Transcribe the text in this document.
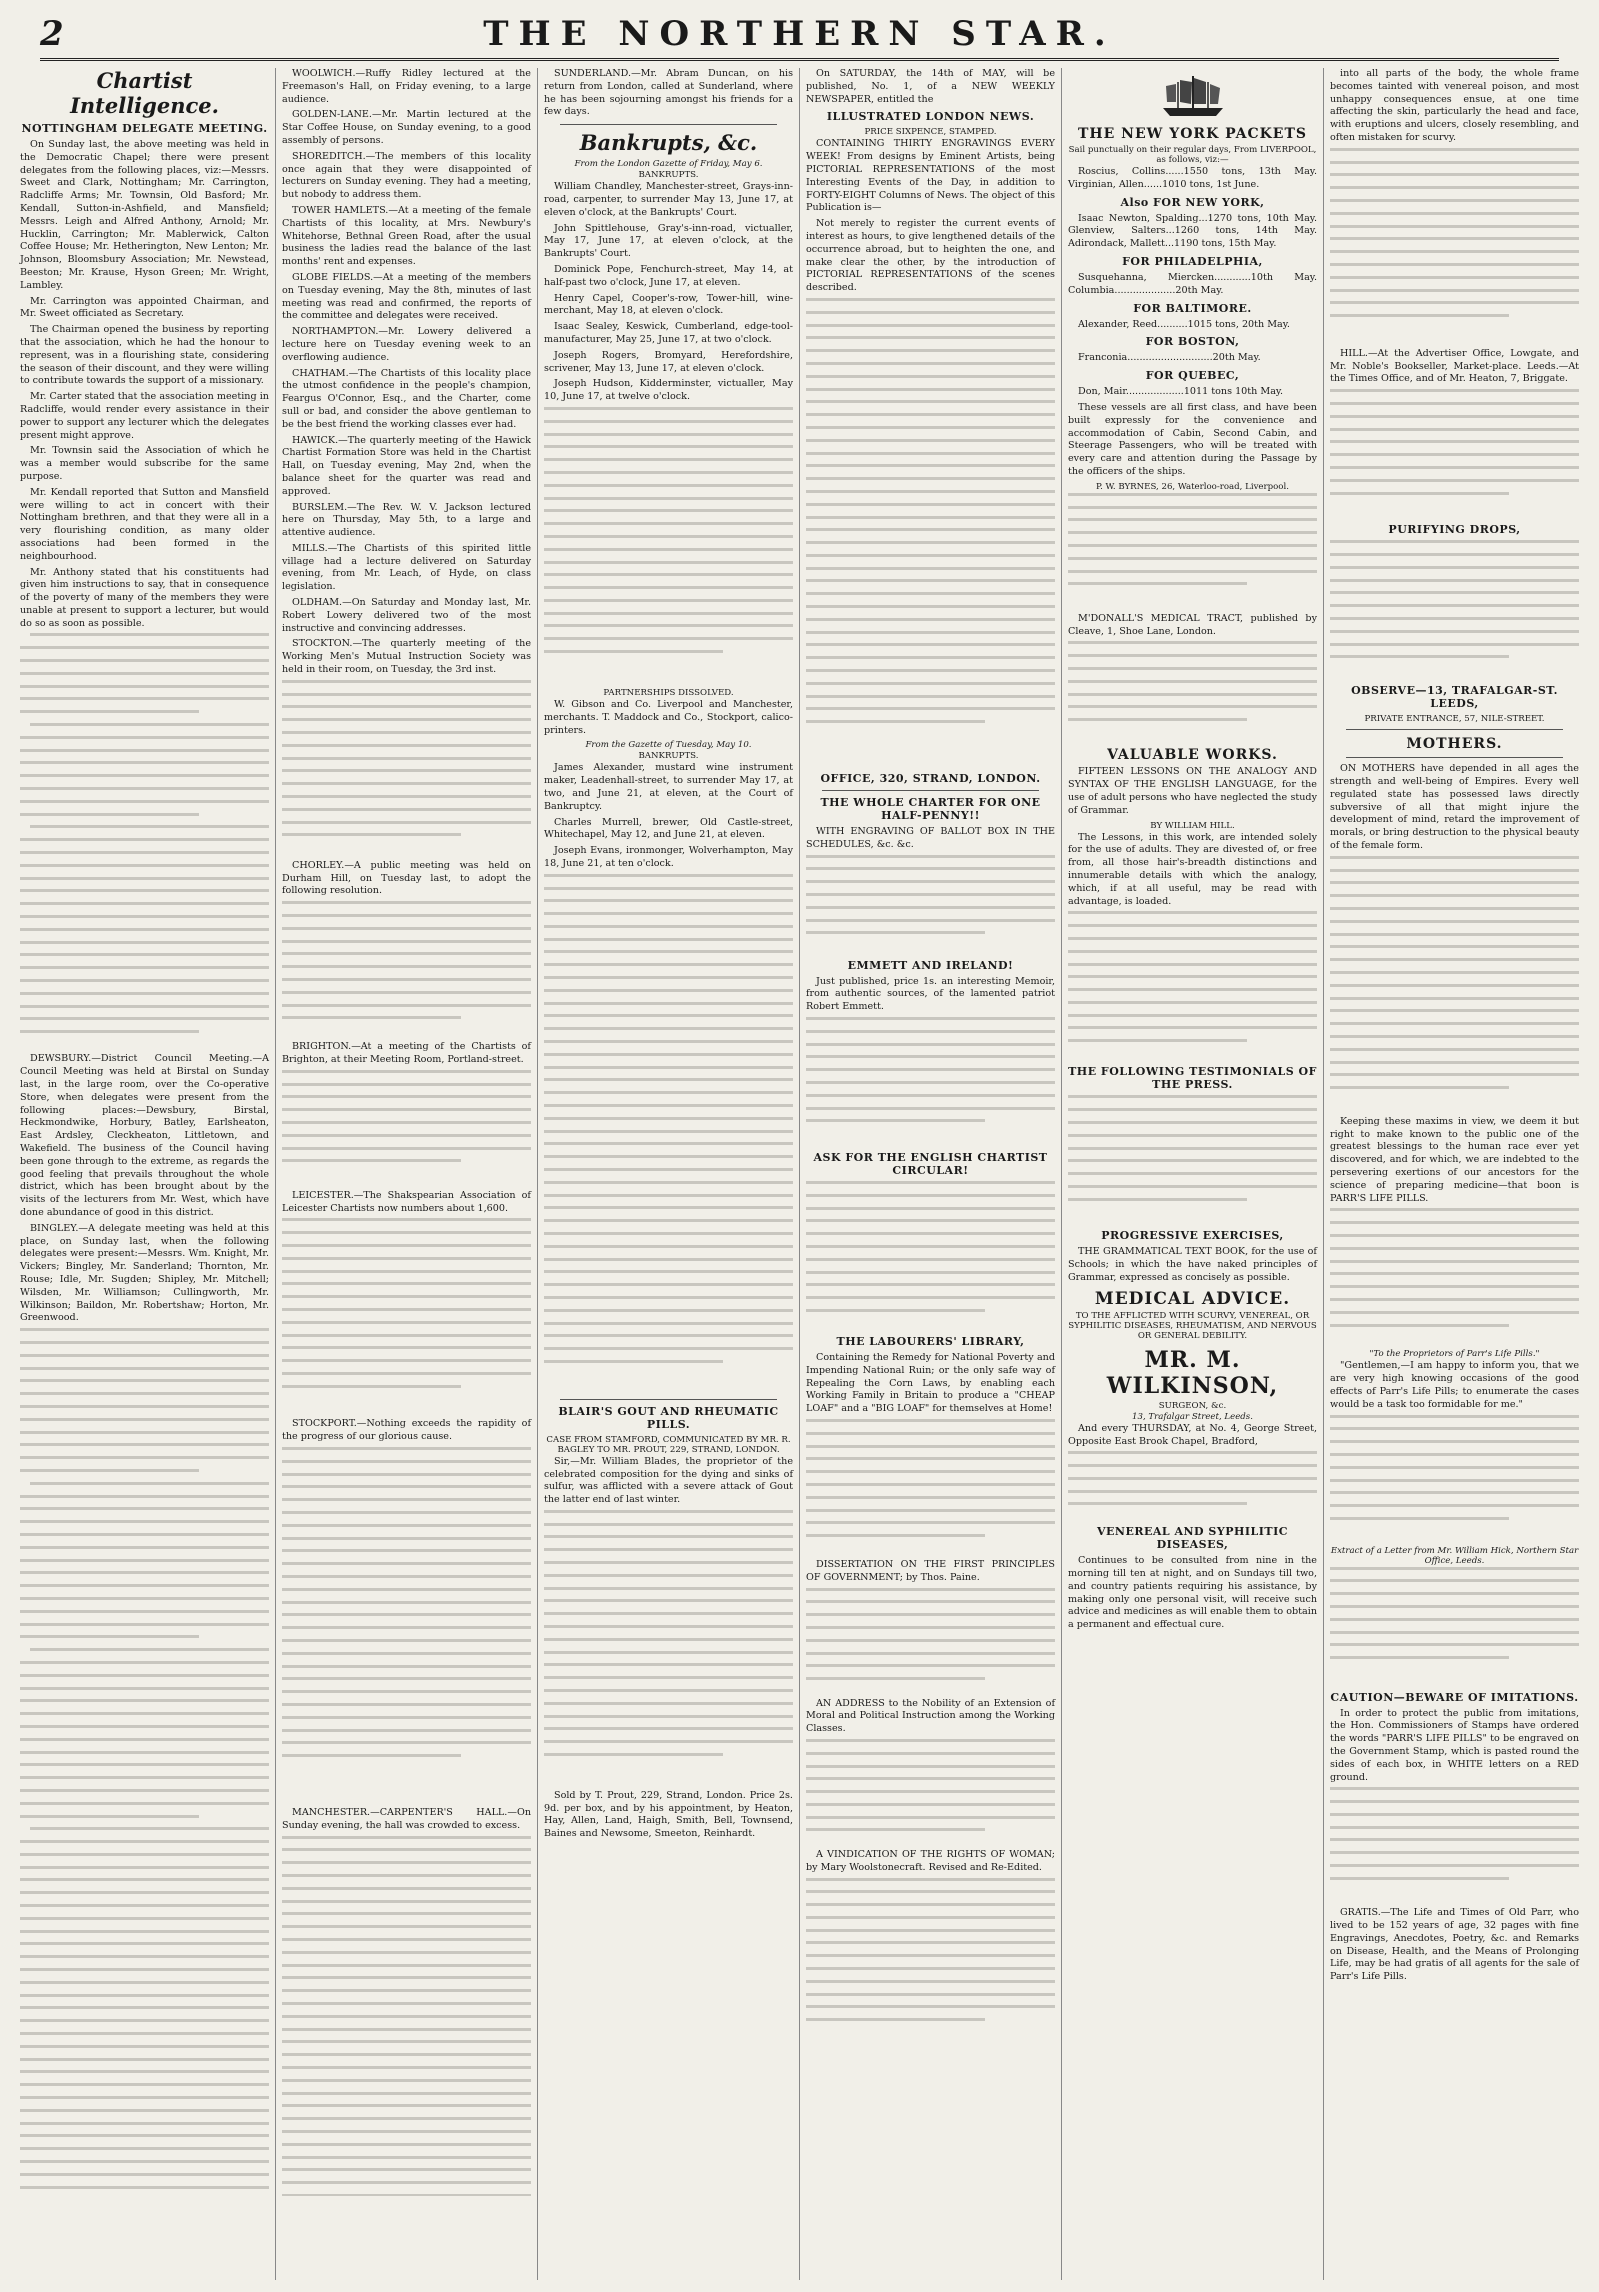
2	THE NORTHERN STAR.
Chartist Intelligence.
NOTTINGHAM DELEGATE MEETING.

On Sunday last, the above meeting was held in the Democratic Chapel; there were present delegates from the following places, viz:—Messrs. Sweet and Clark, Nottingham; Mr. Carrington, Radcliffe Arms; Mr. Townsin, Old Basford; Mr. Kendall, Sutton-in-Ashfield, and Mansfield; Messrs. Leigh and Alfred Anthony, Arnold; Mr. Hucklin, Carrington; Mr. Mablerwick, Calton Coffee House; Mr. Hetherington, New Lenton; Mr. Johnson, Bloomsbury Association; Mr. Newstead, Beeston; Mr. Krause, Hyson Green; Mr. Wright, Lambley.

Mr. Carrington was appointed Chairman, and Mr. Sweet officiated as Secretary.

The Chairman opened the business by reporting that the association, which he had the honour to represent, was in a flourishing state, considering the season of their discount, and they were willing to contribute towards the support of a missionary.

Mr. Carter stated that the association meeting in Radcliffe, would render every assistance in their power to support any lecturer which the delegates present might approve.

Mr. Townsin said the Association of which he was a member would subscribe for the same purpose.

Mr. Kendall reported that Sutton and Mansfield were willing to act in concert with their Nottingham brethren, and that they were all in a very flourishing condition, as many older associations had been formed in the neighbourhood.

Mr. Anthony stated that his constituents had given him instructions to say, that in consequence of the poverty of many of the members they were unable at present to support a lecturer, but would do so as soon as possible.

DEWSBURY.—District Council Meeting.—A Council Meeting was held at Birstal on Sunday last, in the large room, over the Co-operative Store, when delegates were present from the following places:—Dewsbury, Birstal, Heckmondwike, Horbury, Batley, Earlsheaton, East Ardsley, Cleckheaton, Littletown, and Wakefield. The business of the Council having been gone through to the extreme, as regards the good feeling that prevails throughout the whole district, which has been brought about by the visits of the lecturers from Mr. West, which have done abundance of good in this district.

BINGLEY.—A delegate meeting was held at this place, on Sunday last, when the following delegates were present:—Messrs. Wm. Knight, Mr. Vickers; Bingley, Mr. Sanderland; Thornton, Mr. Rouse; Idle, Mr. Sugden; Shipley, Mr. Mitchell; Wilsden, Mr. Williamson; Cullingworth, Mr. Wilkinson; Baildon, Mr. Robertshaw; Horton, Mr. Greenwood.

WOOLWICH.—Ruffy Ridley lectured at the Freemason's Hall, on Friday evening, to a large audience.

GOLDEN-LANE.—Mr. Martin lectured at the Star Coffee House, on Sunday evening, to a good assembly of persons.

SHOREDITCH.—The members of this locality once again that they were disappointed of lecturers on Sunday evening. They had a meeting, but nobody to address them.

TOWER HAMLETS.—At a meeting of the female Chartists of this locality, at Mrs. Newbury's Whitehorse, Bethnal Green Road, after the usual business the ladies read the balance of the last months' rent and expenses.

GLOBE FIELDS.—At a meeting of the members on Tuesday evening, May the 8th, minutes of last meeting was read and confirmed, the reports of the committee and delegates were received.

NORTHAMPTON.—Mr. Lowery delivered a lecture here on Tuesday evening week to an overflowing audience.

CHATHAM.—The Chartists of this locality place the utmost confidence in the people's champion, Feargus O'Connor, Esq., and the Charter, come sull or bad, and consider the above gentleman to be the best friend the working classes ever had.

HAWICK.—The quarterly meeting of the Hawick Chartist Formation Store was held in the Chartist Hall, on Tuesday evening, May 2nd, when the balance sheet for the quarter was read and approved.

BURSLEM.—The Rev. W. V. Jackson lectured here on Thursday, May 5th, to a large and attentive audience.

MILLS.—The Chartists of this spirited little village had a lecture delivered on Saturday evening, from Mr. Leach, of Hyde, on class legislation.

OLDHAM.—On Saturday and Monday last, Mr. Robert Lowery delivered two of the most instructive and convincing addresses.

STOCKTON.—The quarterly meeting of the Working Men's Mutual Instruction Society was held in their room, on Tuesday, the 3rd inst.

CHORLEY.—A public meeting was held on Durham Hill, on Tuesday last, to adopt the following resolution.

BRIGHTON.—At a meeting of the Chartists of Brighton, at their Meeting Room, Portland-street.

LEICESTER.—The Shakspearian Association of Leicester Chartists now numbers about 1,600.

STOCKPORT.—Nothing exceeds the rapidity of the progress of our glorious cause.

MANCHESTER.—CARPENTER'S HALL.—On Sunday evening, the hall was crowded to excess.

SUNDERLAND.—Mr. Abram Duncan, on his return from London, called at Sunderland, where he has been sojourning amongst his friends for a few days.

Bankrupts, &c.
From the London Gazette of Friday, May 6.
BANKRUPTS.

William Chandley, Manchester-street, Grays-inn-road, carpenter, to surrender May 13, June 17, at eleven o'clock, at the Bankrupts' Court.

John Spittlehouse, Gray's-inn-road, victualler, May 17, June 17, at eleven o'clock, at the Bankrupts' Court.

Dominick Pope, Fenchurch-street, May 14, at half-past two o'clock, June 17, at eleven.

Henry Capel, Cooper's-row, Tower-hill, wine-merchant, May 18, at eleven o'clock.

Isaac Sealey, Keswick, Cumberland, edge-tool-manufacturer, May 25, June 17, at two o'clock.

Joseph Rogers, Bromyard, Herefordshire, scrivener, May 13, June 17, at eleven o'clock.

Joseph Hudson, Kidderminster, victualler, May 10, June 17, at twelve o'clock.

PARTNERSHIPS DISSOLVED.

W. Gibson and Co. Liverpool and Manchester, merchants. T. Maddock and Co., Stockport, calico-printers.

From the Gazette of Tuesday, May 10.
BANKRUPTS.

James Alexander, mustard wine instrument maker, Leadenhall-street, to surrender May 17, at two, and June 21, at eleven, at the Court of Bankruptcy.

Charles Murrell, brewer, Old Castle-street, Whitechapel, May 12, and June 21, at eleven.

Joseph Evans, ironmonger, Wolverhampton, May 18, June 21, at ten o'clock.

BLAIR'S GOUT AND RHEUMATIC PILLS.
CASE FROM STAMFORD, COMMUNICATED BY MR. R. BAGLEY TO MR. PROUT, 229, STRAND, LONDON.

Sir,—Mr. William Blades, the proprietor of the celebrated composition for the dying and sinks of sulfur, was afflicted with a severe attack of Gout the latter end of last winter.

Sold by T. Prout, 229, Strand, London. Price 2s. 9d. per box, and by his appointment, by Heaton, Hay, Allen, Land, Haigh, Smith, Bell, Townsend, Baines and Newsome, Smeeton, Reinhardt.

On SATURDAY, the 14th of MAY, will be published, No. 1, of a NEW WEEKLY NEWSPAPER, entitled the

ILLUSTRATED LONDON NEWS.
PRICE SIXPENCE, STAMPED.

CONTAINING THIRTY ENGRAVINGS EVERY WEEK! From designs by Eminent Artists, being PICTORIAL REPRESENTATIONS of the most Interesting Events of the Day, in addition to FORTY-EIGHT Columns of News. The object of this Publication is—

Not merely to register the current events of interest as hours, to give lengthened details of the occurrence abroad, but to heighten the one, and make clear the other, by the introduction of PICTORIAL REPRESENTATIONS of the scenes described.

OFFICE, 320, STRAND, LONDON.
THE WHOLE CHARTER FOR ONE HALF-PENNY!!

WITH ENGRAVING OF BALLOT BOX IN THE SCHEDULES, &c. &c.

EMMETT AND IRELAND!

Just published, price 1s. an interesting Memoir, from authentic sources, of the lamented patriot Robert Emmett.

ASK FOR THE ENGLISH CHARTIST CIRCULAR!
THE LABOURERS' LIBRARY,

Containing the Remedy for National Poverty and Impending National Ruin; or the only safe way of Repealing the Corn Laws, by enabling each Working Family in Britain to produce a "CHEAP LOAF" and a "BIG LOAF" for themselves at Home!

DISSERTATION ON THE FIRST PRINCIPLES OF GOVERNMENT; by Thos. Paine.

AN ADDRESS to the Nobility of an Extension of Moral and Political Instruction among the Working Classes.

A VINDICATION OF THE RIGHTS OF WOMAN; by Mary Woolstonecraft. Revised and Re-Edited.

THE NEW YORK PACKETS
Sail punctually on their regular days, From LIVERPOOL, as follows, viz:—

Roscius, Collins......1550 tons, 13th May. Virginian, Allen......1010 tons, 1st June.

Also FOR NEW YORK,

Isaac Newton, Spalding...1270 tons, 10th May. Glenview, Salters...1260 tons, 14th May. Adirondack, Mallett...1190 tons, 15th May.

FOR PHILADELPHIA,

Susquehanna, Miercken............10th May. Columbia....................20th May.

FOR BALTIMORE.

Alexander, Reed..........1015 tons, 20th May.

FOR BOSTON,

Franconia............................20th May.

FOR QUEBEC,

Don, Mair...................1011 tons 10th May.

These vessels are all first class, and have been built expressly for the convenience and accommodation of Cabin, Second Cabin, and Steerage Passengers, who will be treated with every care and attention during the Passage by the officers of the ships.

P. W. BYRNES, 26, Waterloo-road, Liverpool.

M'DONALL'S MEDICAL TRACT, published by Cleave, 1, Shoe Lane, London.

VALUABLE WORKS.

FIFTEEN LESSONS ON THE ANALOGY AND SYNTAX OF THE ENGLISH LANGUAGE, for the use of adult persons who have neglected the study of Grammar.

BY WILLIAM HILL.

The Lessons, in this work, are intended solely for the use of adults. They are divested of, or free from, all those hair's-breadth distinctions and innumerable details with which the analogy, which, if at all useful, may be read with advantage, is loaded.

THE FOLLOWING TESTIMONIALS OF THE PRESS.
PROGRESSIVE EXERCISES,

THE GRAMMATICAL TEXT BOOK, for the use of Schools; in which the have naked principles of Grammar, expressed as concisely as possible.

MEDICAL ADVICE.
TO THE AFFLICTED WITH SCURVY, VENEREAL, OR SYPHILITIC DISEASES, RHEUMATISM, AND NERVOUS OR GENERAL DEBILITY.
MR. M. WILKINSON,
SURGEON, &c.
13, Trafalgar Street, Leeds.

And every THURSDAY, at No. 4, George Street, Opposite East Brook Chapel, Bradford,

VENEREAL AND SYPHILITIC DISEASES,

Continues to be consulted from nine in the morning till ten at night, and on Sundays till two, and country patients requiring his assistance, by making only one personal visit, will receive such advice and medicines as will enable them to obtain a permanent and effectual cure.

into all parts of the body, the whole frame becomes tainted with venereal poison, and most unhappy consequences ensue, at one time affecting the skin, particularly the head and face, with eruptions and ulcers, closely resembling, and often mistaken for scurvy.

HILL.—At the Advertiser Office, Lowgate, and Mr. Noble's Bookseller, Market-place. Leeds.—At the Times Office, and of Mr. Heaton, 7, Briggate.

PURIFYING DROPS,
OBSERVE—13, TRAFALGAR-ST. LEEDS,
PRIVATE ENTRANCE, 57, NILE-STREET.
MOTHERS.

ON MOTHERS have depended in all ages the strength and well-being of Empires. Every well regulated state has possessed laws directly subversive of all that might injure the development of mind, retard the improvement of morals, or bring destruction to the physical beauty of the female form.

Keeping these maxims in view, we deem it but right to make known to the public one of the greatest blessings to the human race ever yet discovered, and for which, we are indebted to the persevering exertions of our ancestors for the science of preparing medicine—that boon is PARR'S LIFE PILLS.

"To the Proprietors of Parr's Life Pills."

"Gentlemen,—I am happy to inform you, that we are very high knowing occasions of the good effects of Parr's Life Pills; to enumerate the cases would be a task too formidable for me."

Extract of a Letter from Mr. William Hick, Northern Star Office, Leeds.
CAUTION—BEWARE OF IMITATIONS.

In order to protect the public from imitations, the Hon. Commissioners of Stamps have ordered the words "PARR'S LIFE PILLS" to be engraved on the Government Stamp, which is pasted round the sides of each box, in WHITE letters on a RED ground.

GRATIS.—The Life and Times of Old Parr, who lived to be 152 years of age, 32 pages with fine Engravings, Anecdotes, Poetry, &c. and Remarks on Disease, Health, and the Means of Prolonging Life, may be had gratis of all agents for the sale of Parr's Life Pills.
